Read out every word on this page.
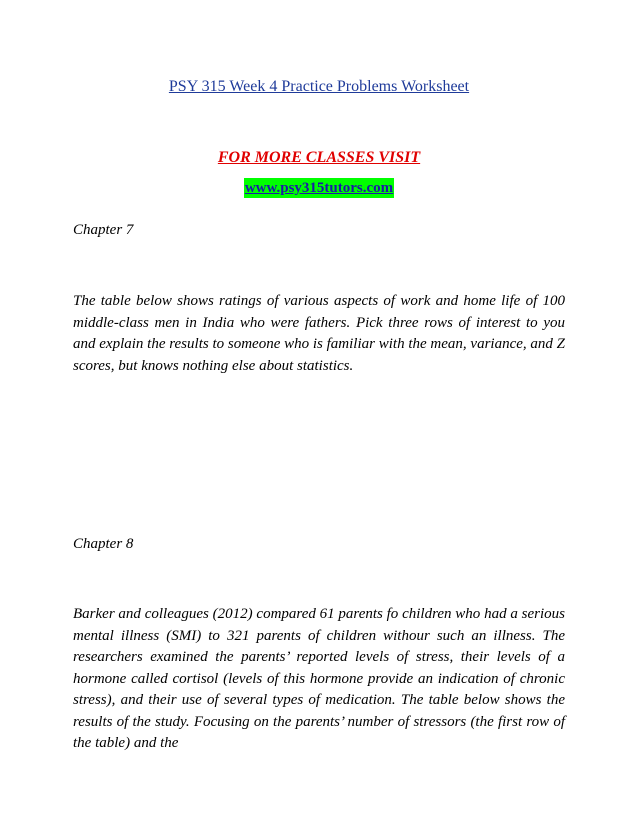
PSY 315 Week 4 Practice Problems Worksheet
FOR MORE CLASSES VISIT
www.psy315tutors.com
Chapter 7
The table below shows ratings of various aspects of work and home life of 100 middle-class men in India who were fathers. Pick three rows of interest to you and explain the results to someone who is familiar with the mean, variance, and Z scores, but knows nothing else about statistics.
Chapter 8
Barker and colleagues (2012) compared 61 parents fo children who had a serious mental illness (SMI) to 321 parents of children withour such an illness. The researchers examined the parents’ reported levels of stress, their levels of a hormone called cortisol (levels of this hormone provide an indication of chronic stress), and their use of several types of medication. The table below shows the results of the study. Focusing on the parents’ number of stressors (the first row of the table) and the
